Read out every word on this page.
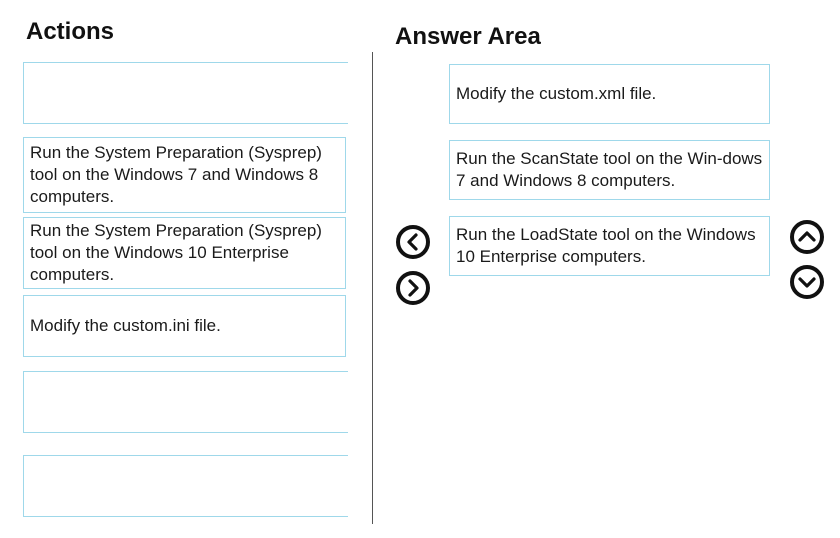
Actions	Answer Area
Run the System Preparation (Sysprep) tool on the Windows 7 and Windows 8 computers.
Run the System Preparation (Sysprep) tool on the Windows 10 Enterprise computers.
Modify the custom.ini file.
Modify the custom.xml file.
Run the ScanState tool on the Win-dows 7 and Windows 8 computers.
Run the LoadState tool on the Windows 10 Enterprise computers.
